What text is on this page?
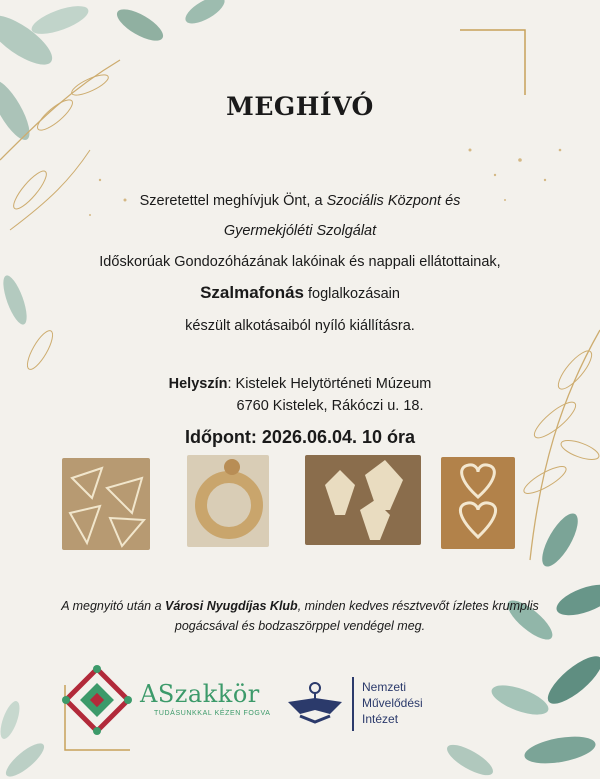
MEGHÍVÓ
Szeretettel meghívjuk Önt, a Szociális Központ és
Gyermekjóléti Szolgálat
Időskorúak Gondozóházának lakóinak és nappali ellátottainak,
Szalmafonás foglalkozásain
készült alkotásaiból nyíló kiállításra.
Helyszín: Kistelek Helytörténeti Múzeum
6760 Kistelek, Rákóczi u. 18.
Időpont: 2026.06.04. 10 óra
A megnyitó után a Városi Nyugdíjas Klub, minden kedves résztvevőt ízletes krumplis
pogácsával és bodzaszörppel vendégel meg.
ASzakkör
TUDÁSUNKKAL KÉZEN FOGVA
Nemzeti
Művelődési
Intézet
